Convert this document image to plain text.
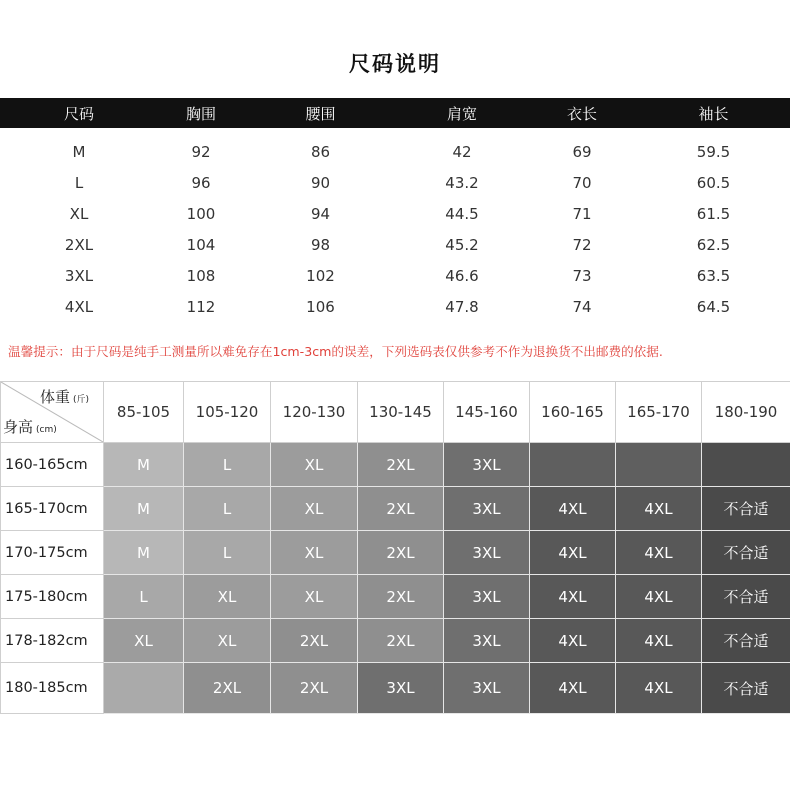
尺码说明
尺码	胸围	腰围	肩宽	衣长	袖长
M	92	86	42	69	59.5
L	96	90	43.2	70	60.5
XL	100	94	44.5	71	61.5
2XL	104	98	45.2	72	62.5
3XL	108	102	46.6	73	63.5
4XL	112	106	47.8	74	64.5
温馨提示：由于尺码是纯手工测量所以难免存在1cm-3cm的误差，下列选码表仅供参考不作为退换货不出邮费的依据.
体重 (斤)
身高 (cm)	85-105	105-120	120-130	130-145	145-160	160-165	165-170	180-190
160-165cm	M	L	XL	2XL	3XL			
165-170cm	M	L	XL	2XL	3XL	4XL	4XL	不合适
170-175cm	M	L	XL	2XL	3XL	4XL	4XL	不合适
175-180cm	L	XL	XL	2XL	3XL	4XL	4XL	不合适
178-182cm	XL	XL	2XL	2XL	3XL	4XL	4XL	不合适
180-185cm		2XL	2XL	3XL	3XL	4XL	4XL	不合适
